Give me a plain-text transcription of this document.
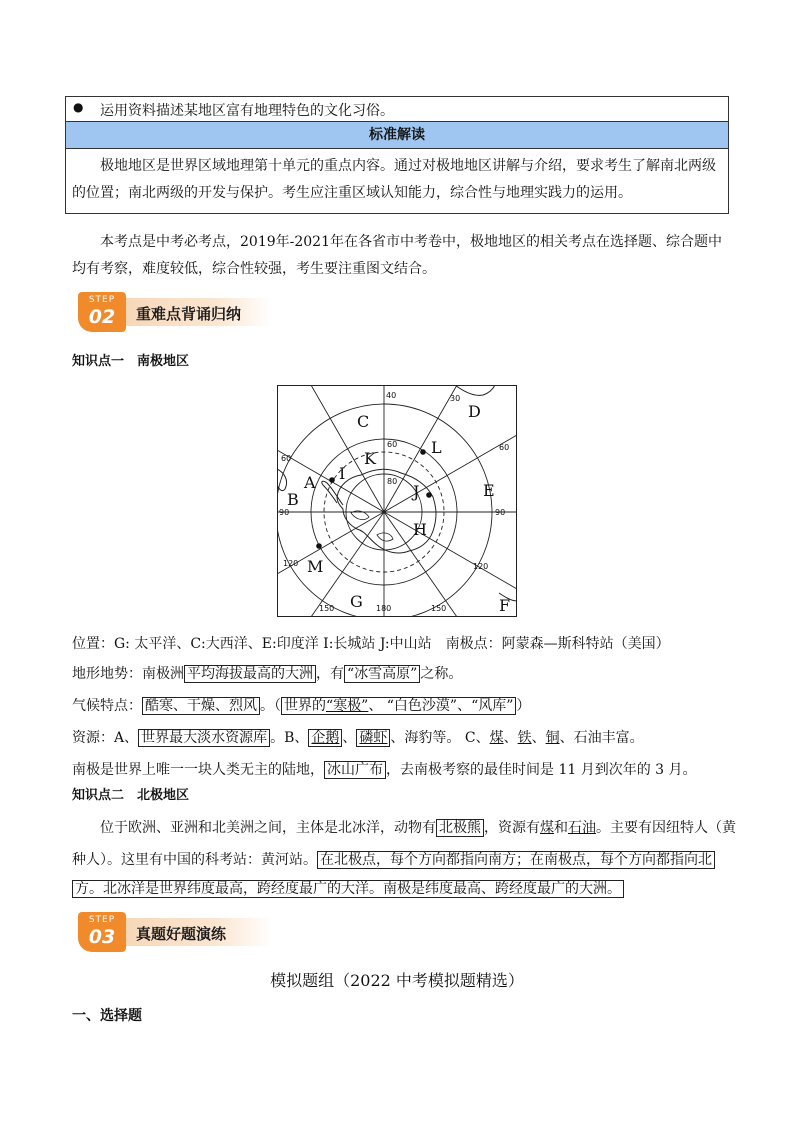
● 运用资料描述某地区富有地理特色的文化习俗。
标准解读
极地地区是世界区域地理第十单元的重点内容。通过对极地地区讲解与介绍，要求考生了解南北两级的位置；南北两级的开发与保护。考生应注重区域认知能力，综合性与地理实践力的运用。
本考点是中考必考点，2019年-2021年在各省市中考卷中，极地地区的相关考点在选择题、综合题中均有考察，难度较低，综合性较强，考生要注重图文结合。
STEP
02	重难点背诵归纳
知识点一　南极地区
C
D
E
F
G
H
I
J
K
L
M
A
B
40	30
60
60
60
80
90	90
120	120
150	180	150
位置：G: 太平洋、C:大西洋、E:印度洋 I:长城站 J:中山站　南极点：阿蒙森—斯科特站（美国）
地形地势：南极洲 平均海拔最高的大洲 ，有 “冰雪高原” 之称。
气候特点： 酷寒、干燥、烈风 。（ 世界的“寒极”、 “白色沙漠”、“风库” ）
资源：A、 世界最大淡水资源库 。B、 企鹅 、 磷虾 、海豹等。 C、煤、铁、铜、石油丰富。
南极是世界上唯一一块人类无主的陆地， 冰山广布 ，去南极考察的最佳时间是 11 月到次年的 3 月。
知识点二　北极地区
位于欧洲、亚洲和北美洲之间，主体是北冰洋，动物有 北极熊 ，资源有煤和石油。主要有因纽特人（黄
种人）。这里有中国的科考站：黄河站。 在北极点，每个方向都指向南方；在南极点，每个方向都指向北
方。北冰洋是世界纬度最高，跨经度最广的大洋。南极是纬度最高、跨经度最广的大洲。
STEP
03	真题好题演练
模拟题组（2022 中考模拟题精选）
一、选择题
